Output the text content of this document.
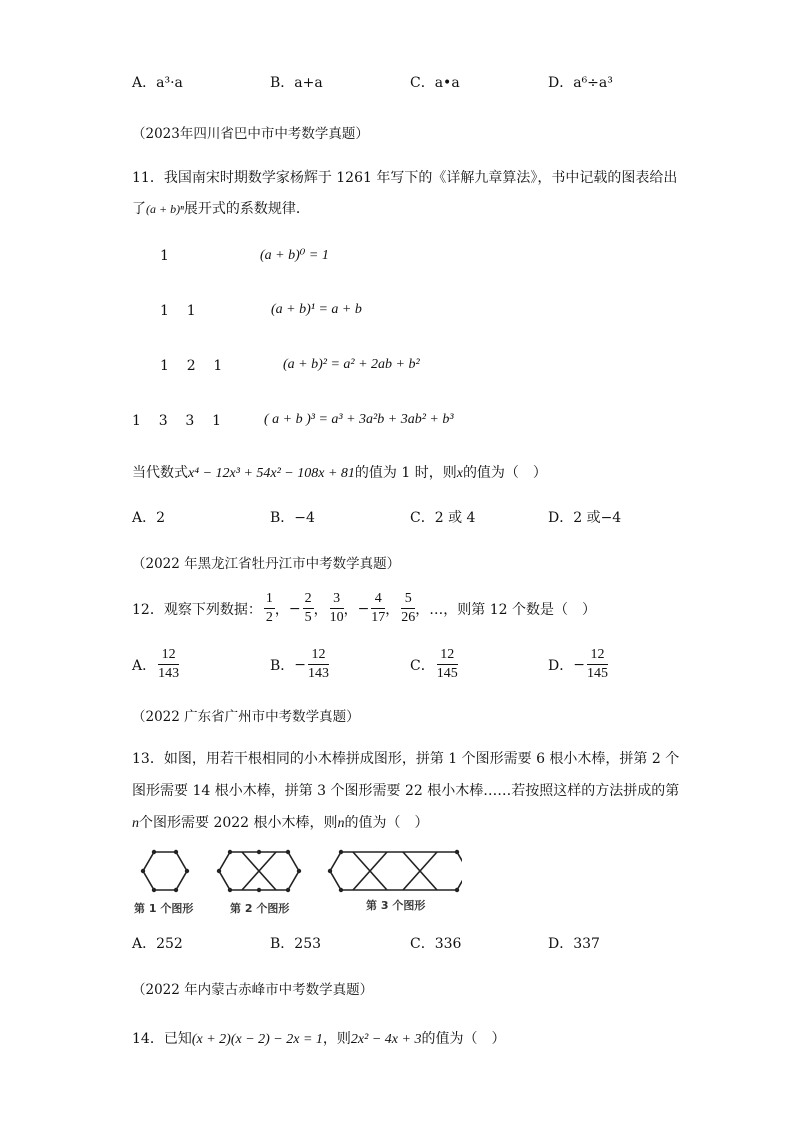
A．a³·a	B．a+a	C．a•a	D．a⁶÷a³
（2023年四川省巴中市中考数学真题）
11．我国南宋时期数学家杨辉于 1261 年写下的《详解九章算法》，书中记载的图表给出
了(a + b)ⁿ展开式的系数规律．
1	(a + b)⁰ = 1
1    1	(a + b)¹ = a + b
1    2    1	(a + b)² = a² + 2ab + b²
1    3    3    1	( a + b )³ = a³ + 3a²b + 3ab² + b³
当代数式x⁴ − 12x³ + 54x² − 108x + 81的值为 1 时，则x的值为（　）
A．2	B．−4	C．2 或 4	D．2 或−4
（2022 年黑龙江省牡丹江市中考数学真题）
12．观察下列数据： $\frac{1}{2}$ ， − $\frac{2}{5}$ ， $\frac{3}{10}$ ， − $\frac{4}{17}$ ， $\frac{5}{26}$ ，…，则第 12 个数是（　）
A． $\frac{12}{143}$	B． − $\frac{12}{143}$	C． $\frac{12}{145}$	D． − $\frac{12}{145}$
（2022 广东省广州市中考数学真题）
13．如图，用若干根相同的小木棒拼成图形，拼第 1 个图形需要 6 根小木棒，拼第 2 个
图形需要 14 根小木棒，拼第 3 个图形需要 22 根小木棒……若按照这样的方法拼成的第
n个图形需要 2022 根小木棒，则n的值为（　）
第 1 个图形	第 2 个图形	第 3 个图形
A．252	B．253	C．336	D．337
（2022 年内蒙古赤峰市中考数学真题）
14．已知(x + 2)(x − 2) − 2x = 1，则2x² − 4x + 3的值为（　）
